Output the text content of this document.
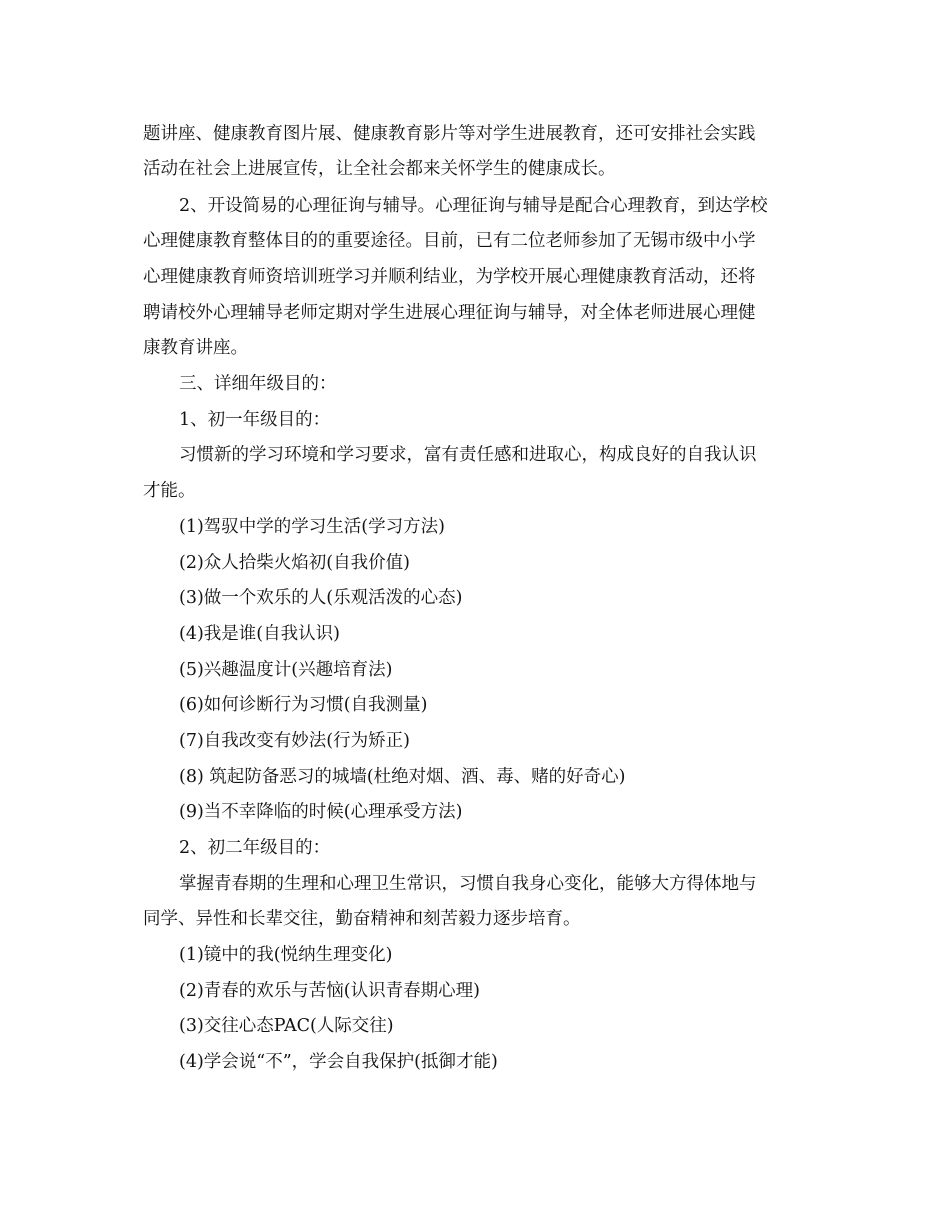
题讲座、健康教育图片展、健康教育影片等对学生进展教育，还可安排社会实践
活动在社会上进展宣传，让全社会都来关怀学生的健康成长。
2、开设简易的心理征询与辅导。心理征询与辅导是配合心理教育，到达学校
心理健康教育整体目的的重要途径。目前，已有二位老师参加了无锡市级中小学
心理健康教育师资培训班学习并顺利结业，为学校开展心理健康教育活动，还将
聘请校外心理辅导老师定期对学生进展心理征询与辅导，对全体老师进展心理健
康教育讲座。
三、详细年级目的：
1、初一年级目的：
习惯新的学习环境和学习要求，富有责任感和进取心，构成良好的自我认识
才能。
(1)驾驭中学的学习生活(学习方法)
(2)众人拾柴火焰初(自我价值)
(3)做一个欢乐的人(乐观活泼的心态)
(4)我是谁(自我认识)
(5)兴趣温度计(兴趣培育法)
(6)如何诊断行为习惯(自我测量)
(7)自我改变有妙法(行为矫正)
(8) 筑起防备恶习的城墙(杜绝对烟、酒、毒、赌的好奇心)
(9)当不幸降临的时候(心理承受方法)
2、初二年级目的：
掌握青春期的生理和心理卫生常识，习惯自我身心变化，能够大方得体地与
同学、异性和长辈交往，勤奋精神和刻苦毅力逐步培育。
(1)镜中的我(悦纳生理变化)
(2)青春的欢乐与苦恼(认识青春期心理)
(3)交往心态PAC(人际交往)
(4)学会说“不”，学会自我保护(抵御才能)
